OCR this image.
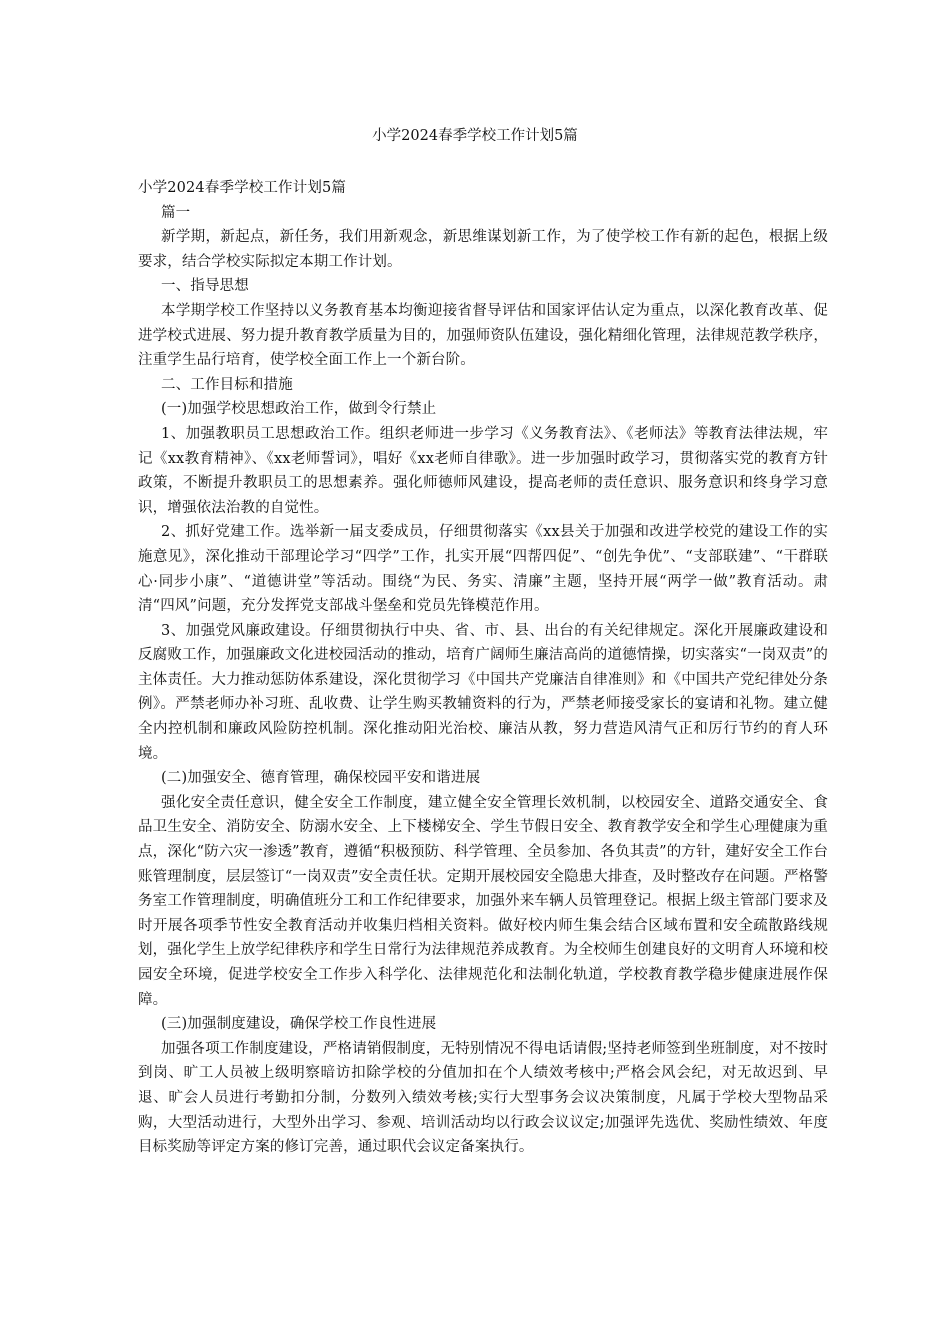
小学2024春季学校工作计划5篇

小学2024春季学校工作计划5篇

篇一

新学期，新起点，新任务，我们用新观念，新思维谋划新工作，为了使学校工作有新的起色，根据上级要求，结合学校实际拟定本期工作计划。

一、指导思想

本学期学校工作坚持以义务教育基本均衡迎接省督导评估和国家评估认定为重点，以深化教育改革、促进学校式进展、努力提升教育教学质量为目的，加强师资队伍建设，强化精细化管理，法律规范教学秩序，注重学生品行培育，使学校全面工作上一个新台阶。

二、工作目标和措施

(一)加强学校思想政治工作，做到令行禁止

1、加强教职员工思想政治工作。组织老师进一步学习《义务教育法》、《老师法》等教育法律法规，牢记《xx教育精神》、《xx老师誓词》，唱好《xx老师自律歌》。进一步加强时政学习，贯彻落实党的教育方针政策，不断提升教职员工的思想素养。强化师德师风建设，提高老师的责任意识、服务意识和终身学习意识，增强依法治教的自觉性。

2、抓好党建工作。选举新一届支委成员，仔细贯彻落实《xx县关于加强和改进学校党的建设工作的实施意见》，深化推动干部理论学习“四学”工作，扎实开展“四帮四促”、“创先争优”、“支部联建”、“干群联心·同步小康”、“道德讲堂”等活动。围绕“为民、务实、清廉”主题，坚持开展“两学一做”教育活动。肃清“四风”问题，充分发挥党支部战斗堡垒和党员先锋模范作用。

3、加强党风廉政建设。仔细贯彻执行中央、省、市、县、出台的有关纪律规定。深化开展廉政建设和反腐败工作，加强廉政文化进校园活动的推动，培育广阔师生廉洁高尚的道德情操，切实落实“一岗双责”的主体责任。大力推动惩防体系建设，深化贯彻学习《中国共产党廉洁自律准则》和《中国共产党纪律处分条例》。严禁老师办补习班、乱收费、让学生购买教辅资料的行为，严禁老师接受家长的宴请和礼物。建立健全内控机制和廉政风险防控机制。深化推动阳光治校、廉洁从教，努力营造风清气正和厉行节约的育人环境。

(二)加强安全、德育管理，确保校园平安和谐进展

强化安全责任意识，健全安全工作制度，建立健全安全管理长效机制，以校园安全、道路交通安全、食品卫生安全、消防安全、防溺水安全、上下楼梯安全、学生节假日安全、教育教学安全和学生心理健康为重点，深化“防六灾一渗透”教育，遵循“积极预防、科学管理、全员参加、各负其责”的方针，建好安全工作台账管理制度，层层签订“一岗双责”安全责任状。定期开展校园安全隐患大排查，及时整改存在问题。严格警务室工作管理制度，明确值班分工和工作纪律要求，加强外来车辆人员管理登记。根据上级主管部门要求及时开展各项季节性安全教育活动并收集归档相关资料。做好校内师生集会结合区域布置和安全疏散路线规划，强化学生上放学纪律秩序和学生日常行为法律规范养成教育。为全校师生创建良好的文明育人环境和校园安全环境，促进学校安全工作步入科学化、法律规范化和法制化轨道，学校教育教学稳步健康进展作保障。

(三)加强制度建设，确保学校工作良性进展

加强各项工作制度建设，严格请销假制度，无特别情况不得电话请假;坚持老师签到坐班制度，对不按时到岗、旷工人员被上级明察暗访扣除学校的分值加扣在个人绩效考核中;严格会风会纪，对无故迟到、早退、旷会人员进行考勤扣分制，分数列入绩效考核;实行大型事务会议决策制度，凡属于学校大型物品采购，大型活动进行，大型外出学习、参观、培训活动均以行政会议议定;加强评先选优、奖励性绩效、年度目标奖励等评定方案的修订完善，通过职代会议定备案执行。
